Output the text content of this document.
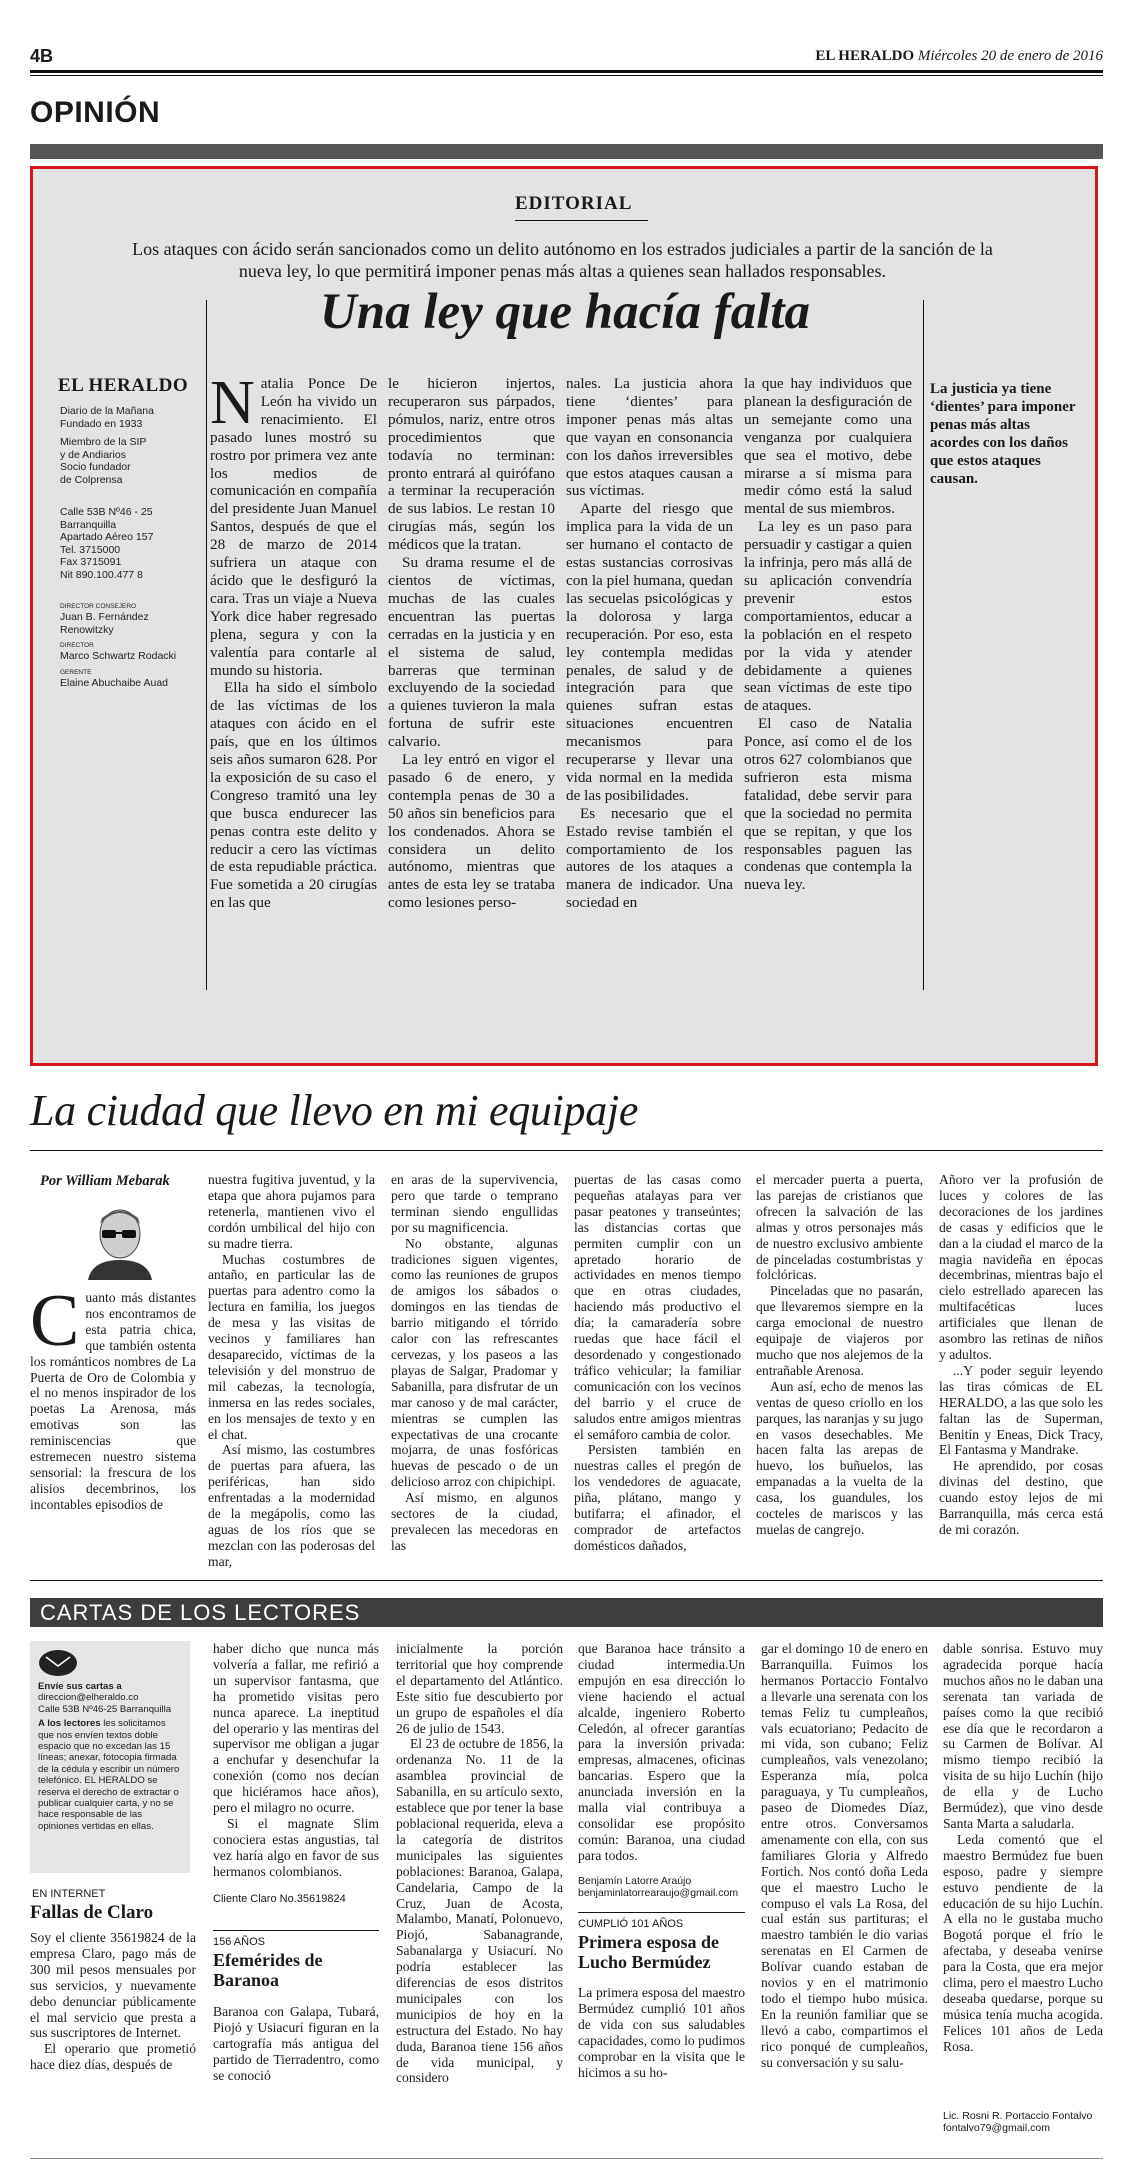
4B	EL HERALDO Miércoles 20 de enero de 2016
OPINIÓN
EDITORIAL
Los ataques con ácido serán sancionados como un delito autónomo en los estrados judiciales a partir de la sanción de la nueva ley, lo que permitirá imponer penas más altas a quienes sean hallados responsables.
Una ley que hacía falta
EL HERALDO
Diario de la Mañana
Fundado en 1933
Miembro de la SIP
y de Andiarios
Socio fundador
de Colprensa
Calle 53B Nº46 - 25
Barranquilla
Apartado Aéreo 157
Tel. 3715000
Fax 3715091
Nit 890.100.477 8
DIRECTOR CONSEJERO
Juan B. Fernández Renowitzky
DIRECTOR
Marco Schwartz Rodacki
GERENTE
Elaine Abuchaibe Auad
N atalia Ponce De León ha vivido un renacimiento. El pasado lunes mostró su rostro por primera vez ante los medios de comunicación en compañía del presidente Juan Manuel Santos, después de que el 28 de marzo de 2014 sufriera un ataque con ácido que le desfiguró la cara. Tras un viaje a Nueva York dice haber regresado plena, segura y con la valentía para contarle al mundo su historia.

Ella ha sido el símbolo de las víctimas de los ataques con ácido en el país, que en los últimos seis años sumaron 628. Por la exposición de su caso el Congreso tramitó una ley que busca endurecer las penas contra este delito y reducir a cero las víctimas de esta repudiable práctica. Fue sometida a 20 cirugías en las que

le hicieron injertos, recuperaron sus párpados, pómulos, nariz, entre otros procedimientos que todavía no terminan: pronto entrará al quirófano a terminar la recuperación de sus labios. Le restan 10 cirugías más, según los médicos que la tratan.

Su drama resume el de cientos de víctimas, muchas de las cuales encuentran las puertas cerradas en la justicia y en el sistema de salud, barreras que terminan excluyendo de la sociedad a quienes tuvieron la mala fortuna de sufrir este calvario.

La ley entró en vigor el pasado 6 de enero, y contempla penas de 30 a 50 años sin beneficios para los condenados. Ahora se considera un delito autónomo, mientras que antes de esta ley se trataba como lesiones perso-

nales. La justicia ahora tiene ‘dientes’ para imponer penas más altas que vayan en consonancia con los daños irreversibles que estos ataques causan a sus víctimas.

Aparte del riesgo que implica para la vida de un ser humano el contacto de estas sustancias corrosivas con la piel humana, quedan las secuelas psicológicas y la dolorosa y larga recuperación. Por eso, esta ley contempla medidas penales, de salud y de integración para que quienes sufran estas situaciones encuentren mecanismos para recuperarse y llevar una vida normal en la medida de las posibilidades.

Es necesario que el Estado revise también el comportamiento de los autores de los ataques a manera de indicador. Una sociedad en

la que hay individuos que planean la desfiguración de un semejante como una venganza por cualquiera que sea el motivo, debe mirarse a sí misma para medir cómo está la salud mental de sus miembros.

La ley es un paso para persuadir y castigar a quien la infrinja, pero más allá de su aplicación convendría prevenir estos comportamientos, educar a la población en el respeto por la vida y atender debidamente a quienes sean víctimas de este tipo de ataques.

El caso de Natalia Ponce, así como el de los otros 627 colombianos que sufrieron esta misma fatalidad, debe servir para que la sociedad no permita que se repitan, y que los responsables paguen las condenas que contempla la nueva ley.

La justicia ya tiene ‘dientes’ para imponer penas más altas acordes con los daños que estos ataques causan.
La ciudad que llevo en mi equipaje
Por William Mebarak
C uanto más distantes nos encontramos de esta patria chica, que también ostenta los románticos nombres de La Puerta de Oro de Colombia y el no menos inspirador de los poetas La Arenosa, más emotivas son las reminiscencias que estremecen nuestro sistema sensorial: la frescura de los alisios decembrinos, los incontables episodios de

nuestra fugitiva juventud, y la etapa que ahora pujamos para retenerla, mantienen vivo el cordón umbilical del hijo con su madre tierra.

Muchas costumbres de antaño, en particular las de puertas para adentro como la lectura en familia, los juegos de mesa y las visitas de vecinos y familiares han desaparecido, víctimas de la televisión y del monstruo de mil cabezas, la tecnología, inmersa en las redes sociales, en los mensajes de texto y en el chat.

Así mismo, las costumbres de puertas para afuera, las periféricas, han sido enfrentadas a la modernidad de la megápolis, como las aguas de los ríos que se mezclan con las poderosas del mar,

en aras de la supervivencia, pero que tarde o temprano terminan siendo engullidas por su magnificencia.

No obstante, algunas tradiciones siguen vigentes, como las reuniones de grupos de amigos los sábados o domingos en las tiendas de barrio mitigando el tórrido calor con las refrescantes cervezas, y los paseos a las playas de Salgar, Pradomar y Sabanilla, para disfrutar de un mar canoso y de mal carácter, mientras se cumplen las expectativas de una crocante mojarra, de unas fosfóricas huevas de pescado o de un delicioso arroz con chipichipi.

Así mismo, en algunos sectores de la ciudad, prevalecen las mecedoras en las

puertas de las casas como pequeñas atalayas para ver pasar peatones y transeúntes; las distancias cortas que permiten cumplir con un apretado horario de actividades en menos tiempo que en otras ciudades, haciendo más productivo el día; la camaradería sobre ruedas que hace fácil el desordenado y congestionado tráfico vehicular; la familiar comunicación con los vecinos del barrio y el cruce de saludos entre amigos mientras el semáforo cambia de color.

Persisten también en nuestras calles el pregón de los vendedores de aguacate, piña, plátano, mango y butifarra; el afinador, el comprador de artefactos domésticos dañados,

el mercader puerta a puerta, las parejas de cristianos que ofrecen la salvación de las almas y otros personajes más de nuestro exclusivo ambiente de pinceladas costumbristas y folclóricas.

Pinceladas que no pasarán, que llevaremos siempre en la carga emocional de nuestro equipaje de viajeros por mucho que nos alejemos de la entrañable Arenosa.

Aun así, echo de menos las ventas de queso criollo en los parques, las naranjas y su jugo en vasos desechables. Me hacen falta las arepas de huevo, los buñuelos, las empanadas a la vuelta de la casa, los guandules, los cocteles de mariscos y las muelas de cangrejo.

Añoro ver la profusión de luces y colores de las decoraciones de los jardines de casas y edificios que le dan a la ciudad el marco de la magia navideña en épocas decembrinas, mientras bajo el cielo estrellado aparecen las multifacéticas luces artificiales que llenan de asombro las retinas de niños y adultos.

...Y poder seguir leyendo las tiras cómicas de EL HERALDO, a las que solo les faltan las de Superman, Benitín y Eneas, Dick Tracy, El Fantasma y Mandrake.

He aprendido, por cosas divinas del destino, que cuando estoy lejos de mi Barranquilla, más cerca está de mi corazón.

CARTAS DE LOS LECTORES
Envíe sus cartas a
direccion@elheraldo.co
Calle 53B Nº46-25 Barranquilla
A los lectores les solicitamos que nos envíen textos doble espacio que no excedan las 15 líneas; anexar, fotocopia firmada de la cédula y escribir un número telefónico. EL HERALDO se reserva el derecho de extractar o publicar cualquier carta, y no se hace responsable de las opiniones vertidas en ellas.
EN INTERNET
Fallas de Claro

Soy el cliente 35619824 de la empresa Claro, pago más de 300 mil pesos mensuales por sus servicios, y nuevamente debo denunciar públicamente el mal servicio que presta a sus suscriptores de Internet.

El operario que prometió hace diez días, después de

haber dicho que nunca más volvería a fallar, me refirió a un supervisor fantasma, que ha prometido visitas pero nunca aparece. La ineptitud del operario y las mentiras del supervisor me obligan a jugar a enchufar y desenchufar la conexión (como nos decían que hiciéramos hace años), pero el milagro no ocurre.

Si el magnate Slim conociera estas angustias, tal vez haría algo en favor de sus hermanos colombianos.

Cliente Claro No.35619824
156 AÑOS
Efemérides de Baranoa

Baranoa con Galapa, Tubará, Piojó y Usiacurí figuran en la cartografía más antigua del partido de Tierradentro, como se conoció

inicialmente la porción territorial que hoy comprende el departamento del Atlántico. Este sitio fue descubierto por un grupo de españoles el día 26 de julio de 1543.

El 23 de octubre de 1856, la ordenanza No. 11 de la asamblea provincial de Sabanilla, en su artículo sexto, establece que por tener la base poblacional requerida, eleva a la categoría de distritos municipales las siguientes poblaciones: Baranoa, Galapa, Candelaria, Campo de la Cruz, Juan de Acosta, Malambo, Manatí, Polonuevo, Piojó, Sabanagrande, Sabanalarga y Usiacurí. No podría establecer las diferencias de esos distritos municipales con los municipios de hoy en la estructura del Estado. No hay duda, Baranoa tiene 156 años de vida municipal, y considero

que Baranoa hace tránsito a ciudad intermedia.Un empujón en esa dirección lo viene haciendo el actual alcalde, ingeniero Roberto Celedón, al ofrecer garantías para la inversión privada: empresas, almacenes, oficinas bancarias. Espero que la anunciada inversión en la malla vial contribuya a consolidar ese propósito común: Baranoa, una ciudad para todos.

Benjamín Latorre Araújo
benjaminlatorrearaujo@gmail.com
CUMPLIÓ 101 AÑOS
Primera esposa de Lucho Bermúdez

La primera esposa del maestro Bermúdez cumplió 101 años de vida con sus saludables capacidades, como lo pudimos comprobar en la visita que le hicimos a su ho-

gar el domingo 10 de enero en Barranquilla. Fuimos los hermanos Portaccio Fontalvo a llevarle una serenata con los temas Feliz tu cumpleaños, vals ecuatoriano; Pedacito de mi vida, son cubano; Feliz cumpleaños, vals venezolano; Esperanza mía, polca paraguaya, y Tu cumpleaños, paseo de Diomedes Díaz, entre otros. Conversamos amenamente con ella, con sus familiares Gloria y Alfredo Fortich. Nos contó doña Leda que el maestro Lucho le compuso el vals La Rosa, del cual están sus partituras; el maestro también le dio varias serenatas en El Carmen de Bolívar cuando estaban de novios y en el matrimonio todo el tiempo hubo música. En la reunión familiar que se llevó a cabo, compartimos el rico ponqué de cumpleaños, su conversación y su salu-

dable sonrisa. Estuvo muy agradecida porque hacía muchos años no le daban una serenata tan variada de países como la que recibió ese día que le recordaron a su Carmen de Bolívar. Al mismo tiempo recibió la visita de su hijo Luchín (hijo de ella y de Lucho Bermúdez), que vino desde Santa Marta a saludarla.

Leda comentó que el maestro Bermúdez fue buen esposo, padre y siempre estuvo pendiente de la educación de su hijo Luchín. A ella no le gustaba mucho Bogotá porque el frío le afectaba, y deseaba venirse para la Costa, que era mejor clima, pero el maestro Lucho deseaba quedarse, porque su música tenía mucha acogida. Felices 101 años de Leda Rosa.

Lic. Rosni R. Portaccio Fontalvo
fontalvo79@gmail.com
